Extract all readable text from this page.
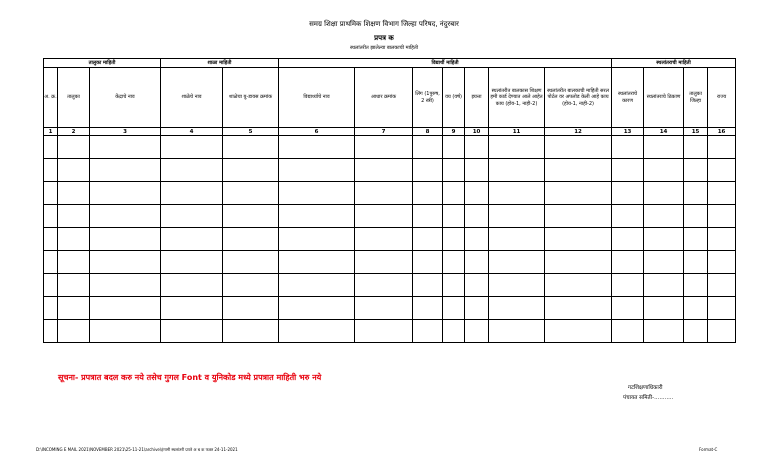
समग्र शिक्षा प्राथमिक शिक्षण विभाग जिल्हा परिषद, नंदुरबार
प्रपत्र क
स्थलांतरीत झालेल्या बालकाची माहिती
तालुका माहिती			शाळा माहिती		विद्यार्थी माहिती							स्थलांतराची माहिती			
अ. क्र.	तालुका	केंद्राचे नाव	शाळेचे नाव	शाळेचा यु-डायस क्रमांक	विद्यार्थ्याचे नाव	आधार क्रमांक	लिंग (1पुरुष, 2 स्त्री)	वय (वर्ष)	इयत्ता	स्थलांतरीत बालकास शिक्षण हमी कार्ड देण्यात आले आहेत काय (होय-1, नाही-2)	स्थलांतरीत बालकाची माहिती सरल पोर्टल वर अपलोड केली आहे काय (होय-1, नाही-2)	स्थलांतराचे कारण	स्थलांतराचे ठिकाण	तालुका जिल्हा	राज्य
1	2	3	4	5	6	7	8	9	10	11	12	13	14	15	16

सूचना- प्रपत्रात बदल करु नये तसेच गुगल Font व युनिकोड मध्ये प्रपत्रात माहिती भरु नये
गटशिक्षणाधिकारी
पंचायत समिती-...........
D:\INCOMING E MAIL 2021\NOVEMBER 2021\25-11-21\archive\हंगामी स्थलांतरी प्रपत्रे अ ब क फक्त 24-11-2021	Format-C
